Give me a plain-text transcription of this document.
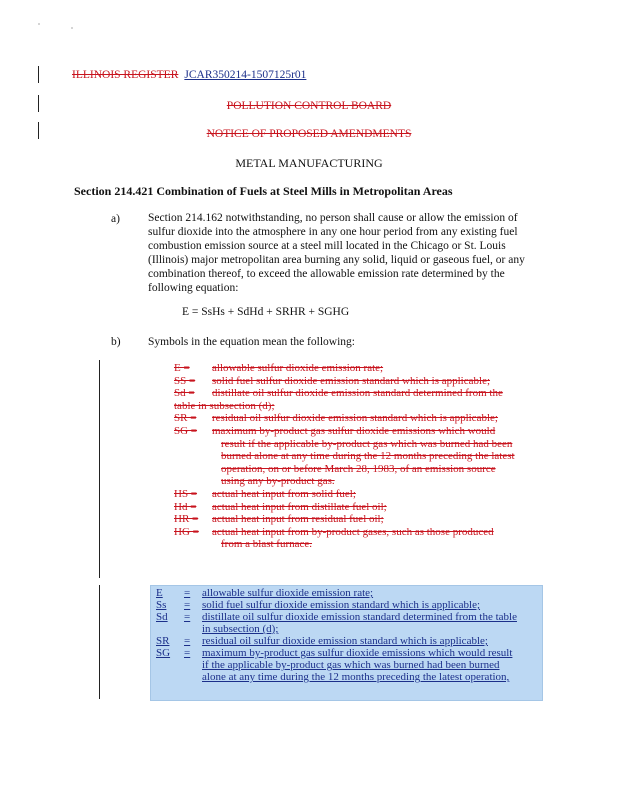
ILLINOIS REGISTER JCAR350214-1507125r01
POLLUTION CONTROL BOARD
NOTICE OF PROPOSED AMENDMENTS
METAL MANUFACTURING
Section 214.421 Combination of Fuels at Steel Mills in Metropolitan Areas
a) Section 214.162 notwithstanding, no person shall cause or allow the emission of
sulfur dioxide into the atmosphere in any one hour period from any existing fuel
combustion emission source at a steel mill located in the Chicago or St. Louis
(Illinois) major metropolitan area burning any solid, liquid or gaseous fuel, or any
combination thereof, to exceed the allowable emission rate determined by the
following equation:
E = SsHs + SdHd + SRHR + SGHG
b) Symbols in the equation mean the following:
E = allowable sulfur dioxide emission rate;
SS = solid fuel sulfur dioxide emission standard which is applicable;
Sd = distillate oil sulfur dioxide emission standard determined from the
table in subsection (d);
SR = residual oil sulfur dioxide emission standard which is applicable;
SG = maximum by-product gas sulfur dioxide emissions which would
result if the applicable by-product gas which was burned had been
burned alone at any time during the 12 months preceding the latest
operation, on or before March 28, 1983, of an emission source
using any by-product gas.
HS = actual heat input from solid fuel;
Hd = actual heat input from distillate fuel oil;
HR = actual heat input from residual fuel oil;
HG = actual heat input from by-product gases, such as those produced
from a blast furnace.
E = allowable sulfur dioxide emission rate;
Ss = solid fuel sulfur dioxide emission standard which is applicable;
Sd = distillate oil sulfur dioxide emission standard determined from the table
in subsection (d);
SR = residual oil sulfur dioxide emission standard which is applicable;
SG = maximum by-product gas sulfur dioxide emissions which would result
if the applicable by-product gas which was burned had been burned
alone at any time during the 12 months preceding the latest operation,
